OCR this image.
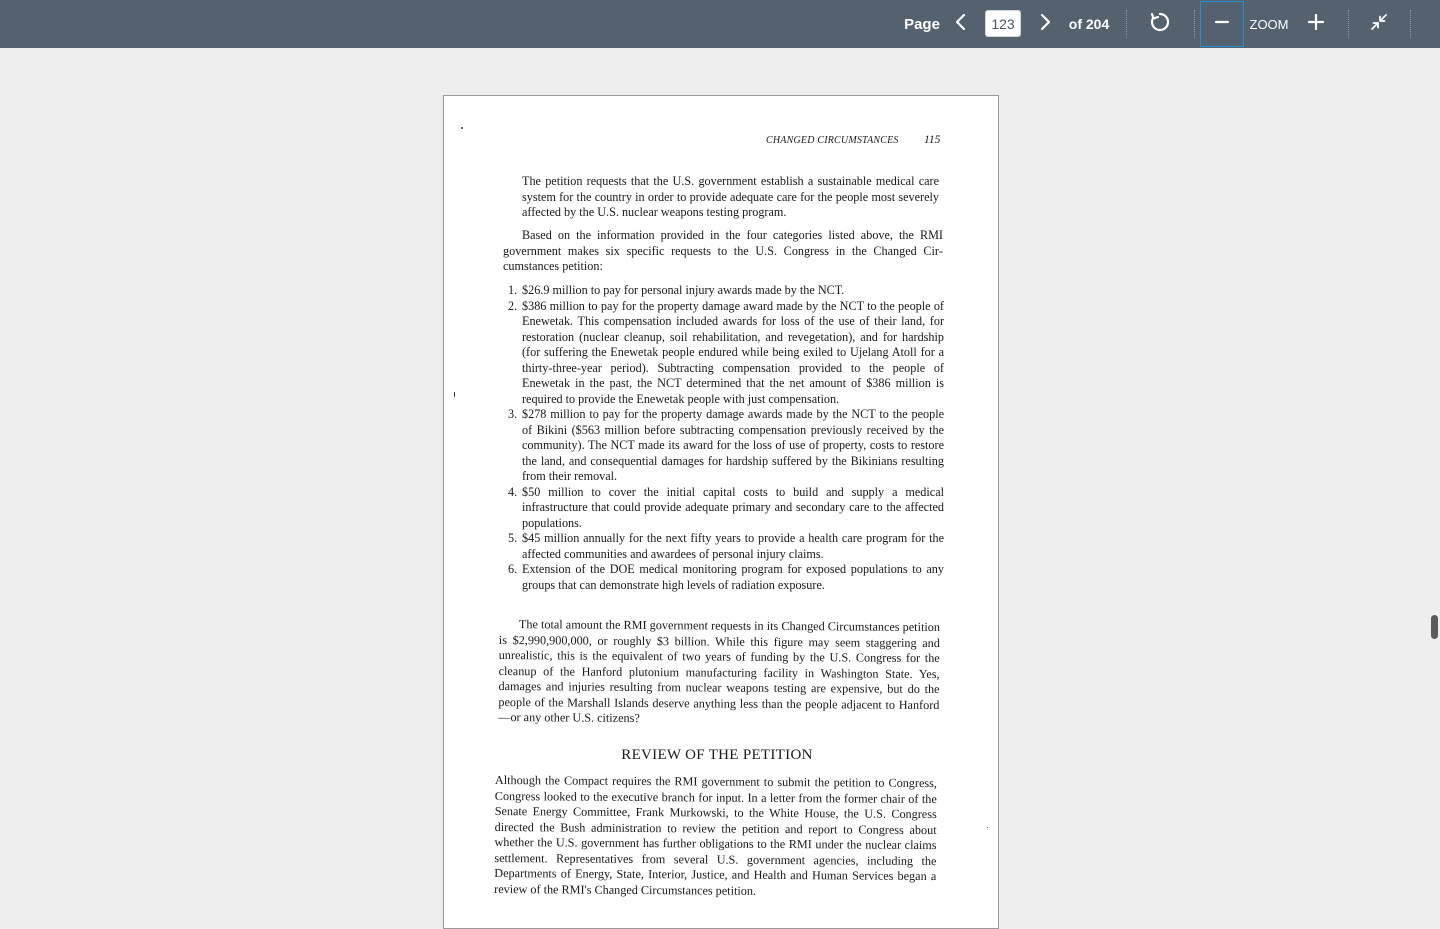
Page
123	of 204	ZOOM
CHANGED CIRCUMSTANCES	115

The petition requests that the U.S. government establish a sustainable medical care system for the country in order to provide adequate care for the people most severely affected by the U.S. nuclear weapons testing program.

Based on the information provided in the four categories listed above, the RMI government makes six specific requests to the U.S. Congress in the Changed Circumstances petition:

1. $26.9 million to pay for personal injury awards made by the NCT.
2. $386 million to pay for the property damage award made by the NCT to the people of Enewetak. This compensation included awards for loss of the use of their land, for restoration (nuclear cleanup, soil rehabilitation, and revegetation), and for hardship (for suffering the Enewetak people endured while being exiled to Ujelang Atoll for a thirty-three-year period). Subtracting compensation provided to the people of Enewetak in the past, the NCT determined that the net amount of $386 million is required to provide the Enewetak people with just compensation.
3. $278 million to pay for the property damage awards made by the NCT to the people of Bikini ($563 million before subtracting compensation previously received by the community). The NCT made its award for the loss of use of property, costs to restore the land, and consequential damages for hardship suffered by the Bikinians resulting from their removal.
4. $50 million to cover the initial capital costs to build and supply a medical infrastructure that could provide adequate primary and secondary care to the affected populations.
5. $45 million annually for the next fifty years to provide a health care program for the affected communities and awardees of personal injury claims.
6. Extension of the DOE medical monitoring program for exposed populations to any groups that can demonstrate high levels of radiation exposure.

The total amount the RMI government requests in its Changed Circumstances petition is $2,990,900,000, or roughly $3 billion. While this figure may seem staggering and unrealistic, this is the equivalent of two years of funding by the U.S. Congress for the cleanup of the Hanford plutonium manufacturing facility in Washington State. Yes, damages and injuries resulting from nuclear weapons testing are expensive, but do the people of the Marshall Islands deserve anything less than the people adjacent to Hanford—or any other U.S. citizens?

REVIEW OF THE PETITION

Although the Compact requires the RMI government to submit the petition to Congress, Congress looked to the executive branch for input. In a letter from the former chair of the Senate Energy Committee, Frank Murkowski, to the White House, the U.S. Congress directed the Bush administration to review the petition and report to Congress about whether the U.S. government has further obligations to the RMI under the nuclear claims settlement. Representatives from several U.S. government agencies, including the Departments of Energy, State, Interior, Justice, and Health and Human Services began a review of the RMI's Changed Circumstances petition.
